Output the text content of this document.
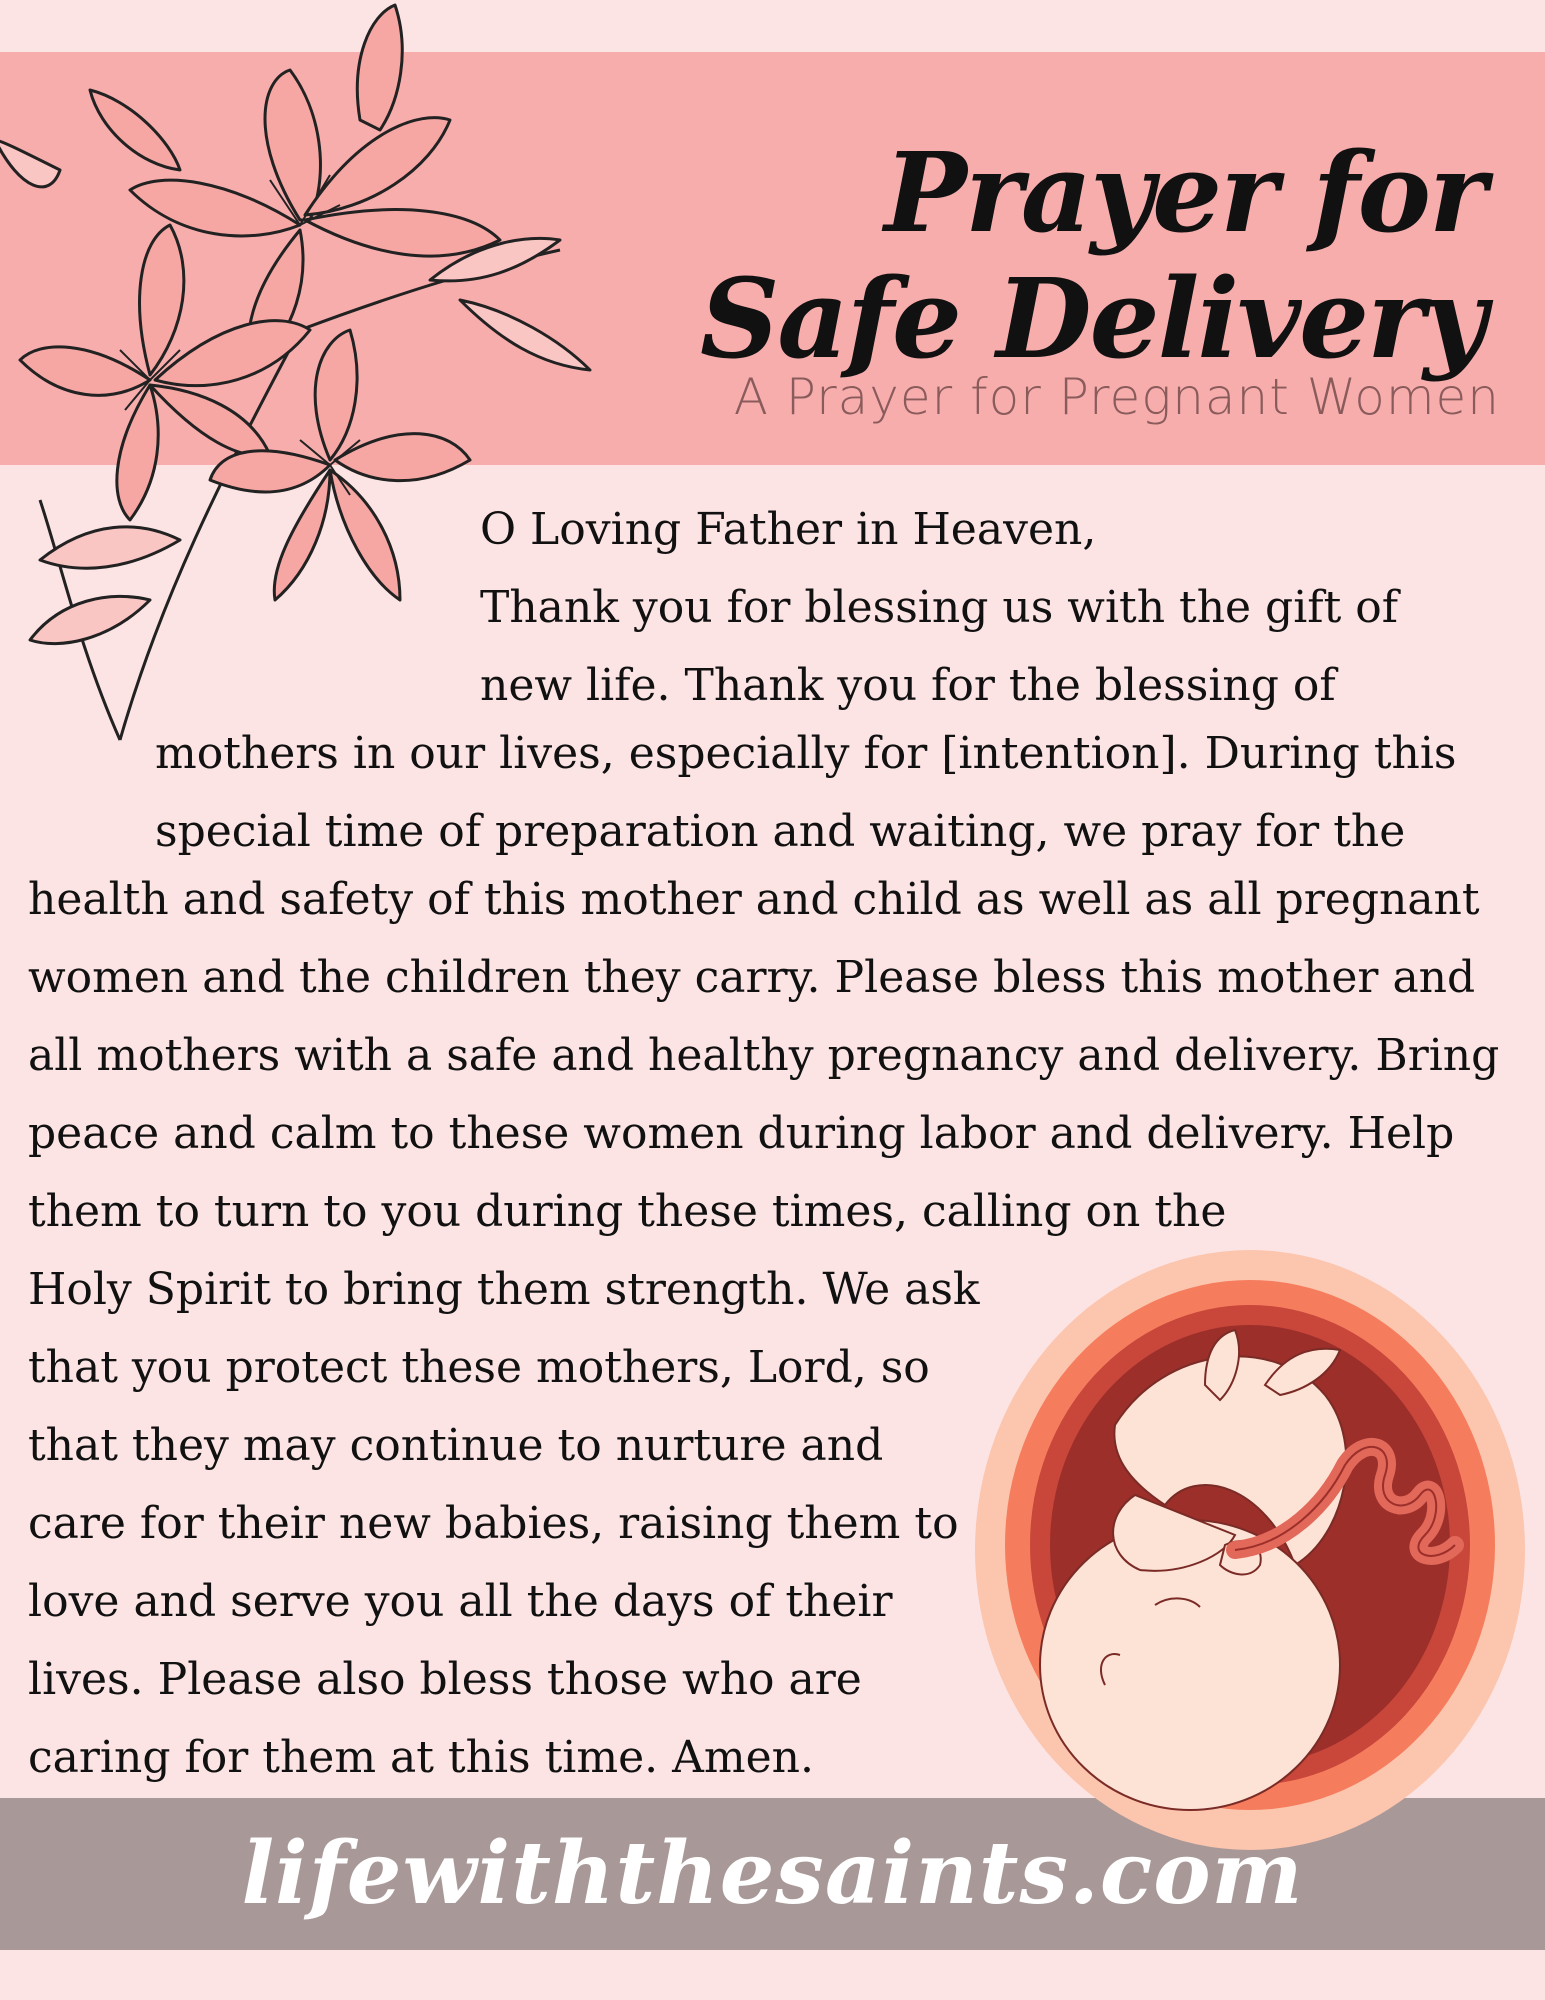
Prayer for
Safe Delivery
A Prayer for Pregnant Women
O Loving Father in Heaven,
Thank you for blessing us with the gift of
new life. Thank you for the blessing of
mothers in our lives, especially for [intention]. During this
special time of preparation and waiting, we pray for the
health and safety of this mother and child as well as all pregnant
women and the children they carry. Please bless this mother and
all mothers with a safe and healthy pregnancy and delivery. Bring
peace and calm to these women during labor and delivery. Help
them to turn to you during these times, calling on the
Holy Spirit to bring them strength. We ask
that you protect these mothers, Lord, so
that they may continue to nurture and
care for their new babies, raising them to
love and serve you all the days of their
lives. Please also bless those who are
caring for them at this time. Amen.
lifewiththesaints.com
